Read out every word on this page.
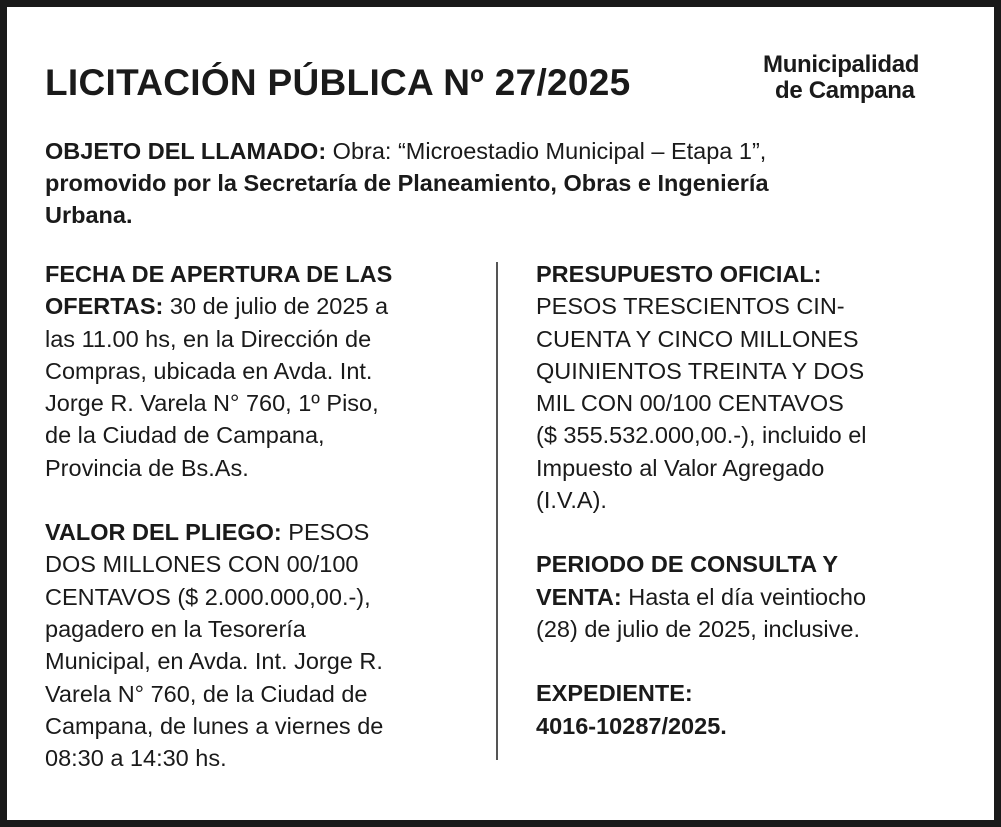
LICITACIÓN PÚBLICA Nº 27/2025	Municipalidad
de Campana
OBJETO DEL LLAMADO: Obra: “Microestadio Municipal – Etapa 1”,
promovido por la Secretaría de Planeamiento, Obras e Ingeniería
Urbana.
FECHA DE APERTURA DE LAS
OFERTAS: 30 de julio de 2025 a
las 11.00 hs, en la Dirección de
Compras, ubicada en Avda. Int.
Jorge R. Varela N° 760, 1º Piso,
de la Ciudad de Campana,
Provincia de Bs.As.
VALOR DEL PLIEGO: PESOS
DOS MILLONES CON 00/100
CENTAVOS ($ 2.000.000,00.-),
pagadero en la Tesorería
Municipal, en Avda. Int. Jorge R.
Varela N° 760, de la Ciudad de
Campana, de lunes a viernes de
08:30 a 14:30 hs.
PRESUPUESTO OFICIAL:
PESOS TRESCIENTOS CIN-
CUENTA Y CINCO MILLONES
QUINIENTOS TREINTA Y DOS
MIL CON 00/100 CENTAVOS
($ 355.532.000,00.-), incluido el
Impuesto al Valor Agregado
(I.V.A).
PERIODO DE CONSULTA Y
VENTA: Hasta el día veintiocho
(28) de julio de 2025, inclusive.
EXPEDIENTE:
4016-10287/2025.
